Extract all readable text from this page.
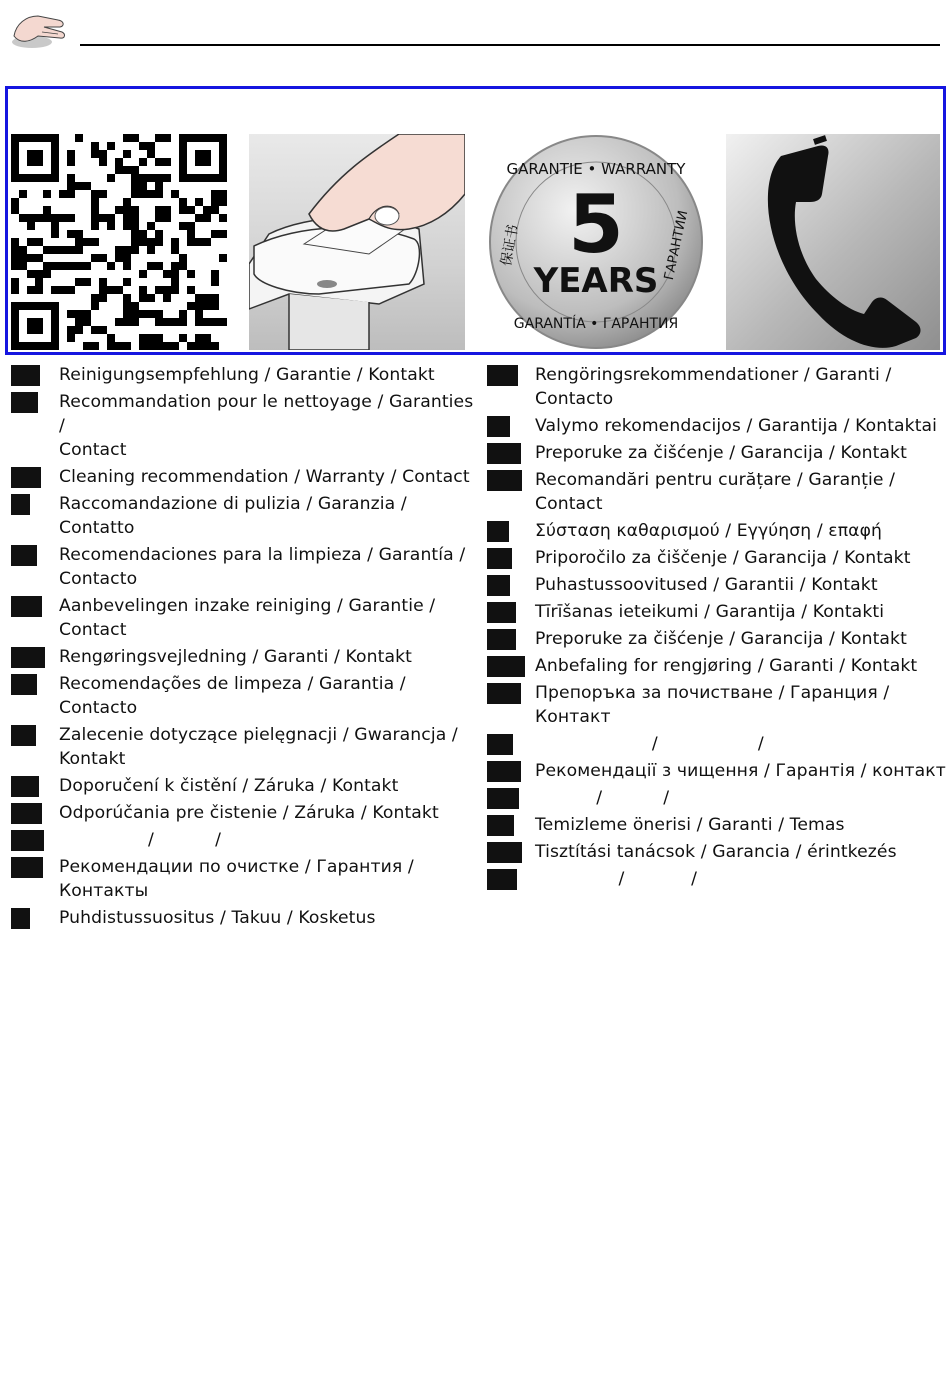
GARANTIE • WARRANTY
5
YEARS
保证书	ГАРАНТИИ
GARANTÍA • ГАРАНТИЯ

Reinigungsempfehlung / Garantie / Kontakt

Recommandation pour le nettoyage / Garanties /
Contact

Cleaning recommendation / Warranty / Contact

Raccomandazione di pulizia / Garanzia /
Contatto

Recomendaciones para la limpieza / Garantía /
Contacto

Aanbevelingen inzake reiniging / Garantie /
Contact

Rengøringsvejledning / Garanti / Kontakt

Recomendações de limpeza / Garantia / Contacto

Zalecenie dotyczące pielęgnacji / Gwarancja /
Kontakt

Doporučení k čistění / Záruka / Kontakt

Odporúčania pre čistenie / Záruka / Kontakt

/           /

Рекомендации по очистке / Гарантия / Контакты

Puhdistussuositus / Takuu / Kosketus

Rengöringsrekommendationer / Garanti / Contacto

Valymo rekomendacijos / Garantija / Kontaktai

Preporuke za čišćenje / Garancija / Kontakt

Recomandări pentru curățare / Garanție /
Contact

Σύσταση καθαρισμού / Εγγύηση / επαφή

Priporočilo za čiščenje / Garancija / Kontakt

Puhastussoovitused / Garantii / Kontakt

Tīrīšanas ieteikumi / Garantija / Kontakti

Preporuke za čišćenje / Garancija / Kontakt

Anbefaling for rengjøring / Garanti / Kontakt

Препоръка за почистване / Гаранция / Контакт

/                  /

Рекомендації з чищення / Гарантія / контакт

/           /

Temizleme önerisi / Garanti / Temas

Tisztítási tanácsok / Garancia / érintkezés

/            /
